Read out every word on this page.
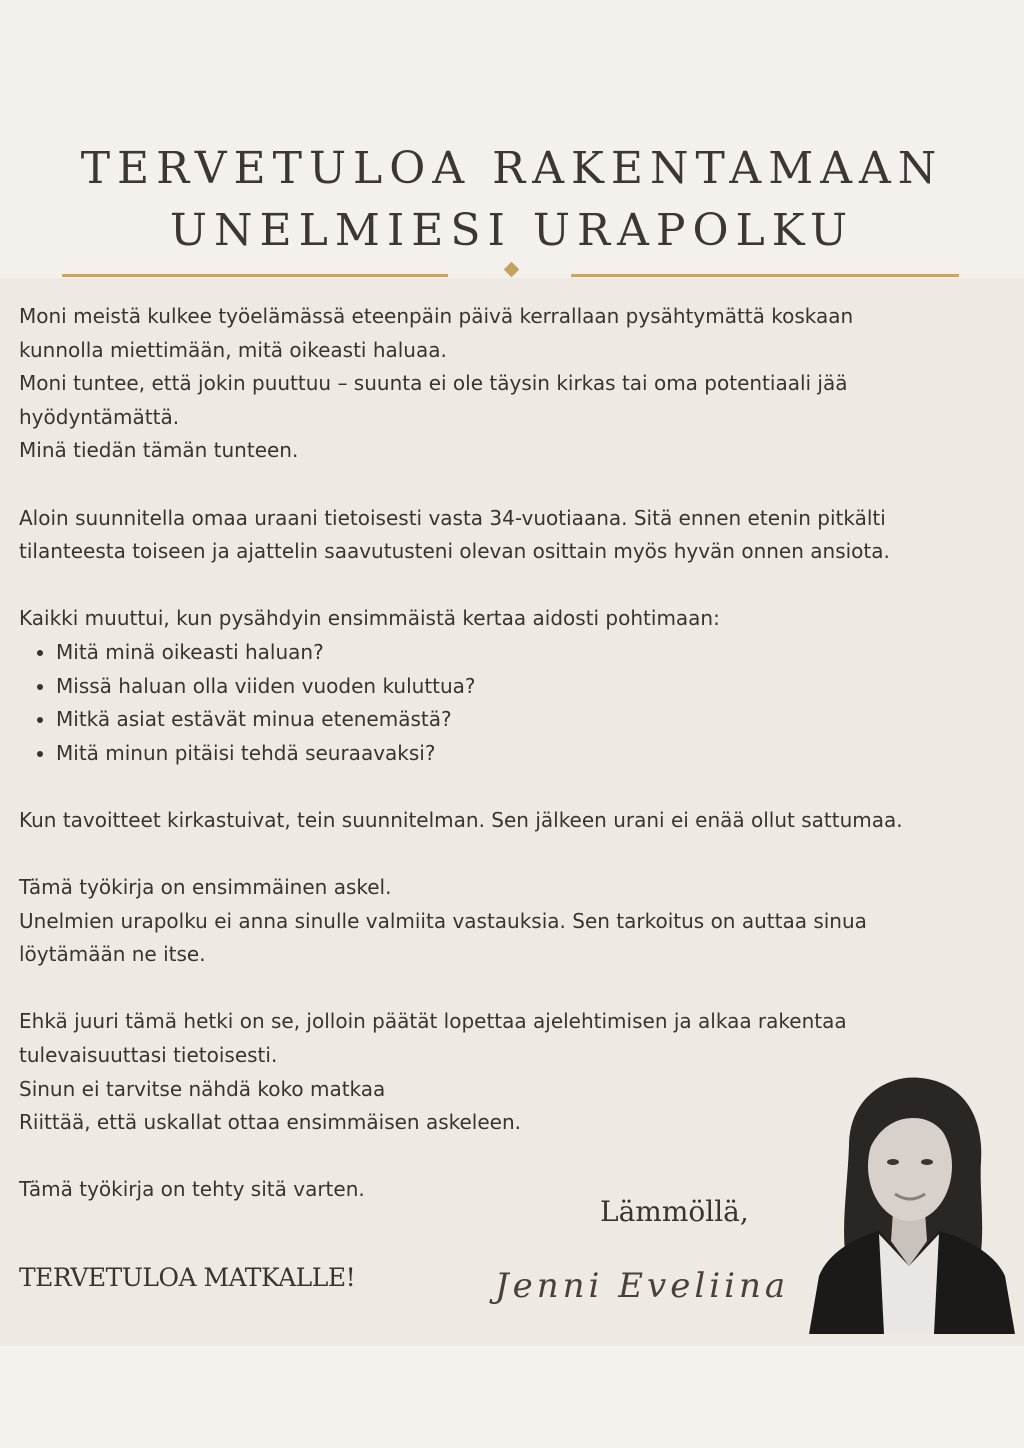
TERVETULOA RAKENTAMAAN
UNELMIESI URAPOLKU

Moni meistä kulkee työelämässä eteenpäin päivä kerrallaan pysähtymättä koskaan kunnolla miettimään, mitä oikeasti haluaa.

Moni tuntee, että jokin puuttuu – suunta ei ole täysin kirkas tai oma potentiaali jää hyödyntämättä.

Minä tiedän tämän tunteen.

Aloin suunnitella omaa uraani tietoisesti vasta 34-vuotiaana. Sitä ennen etenin pitkälti tilanteesta toiseen ja ajattelin saavutusteni olevan osittain myös hyvän onnen ansiota.

Kaikki muuttui, kun pysähdyin ensimmäistä kertaa aidosti pohtimaan:

• Mitä minä oikeasti haluan?
• Missä haluan olla viiden vuoden kuluttua?
• Mitkä asiat estävät minua etenemästä?
• Mitä minun pitäisi tehdä seuraavaksi?

Kun tavoitteet kirkastuivat, tein suunnitelman. Sen jälkeen urani ei enää ollut sattumaa.

Tämä työkirja on ensimmäinen askel.

Unelmien urapolku ei anna sinulle valmiita vastauksia. Sen tarkoitus on auttaa sinua löytämään ne itse.

Ehkä juuri tämä hetki on se, jolloin päätät lopettaa ajelehtimisen ja alkaa rakentaa tulevaisuuttasi tietoisesti.

Sinun ei tarvitse nähdä koko matkaa

Riittää, että uskallat ottaa ensimmäisen askeleen.

Tämä työkirja on tehty sitä varten.

TERVETULOA MATKALLE!

Lämmöllä,
Jenni Eveliina
